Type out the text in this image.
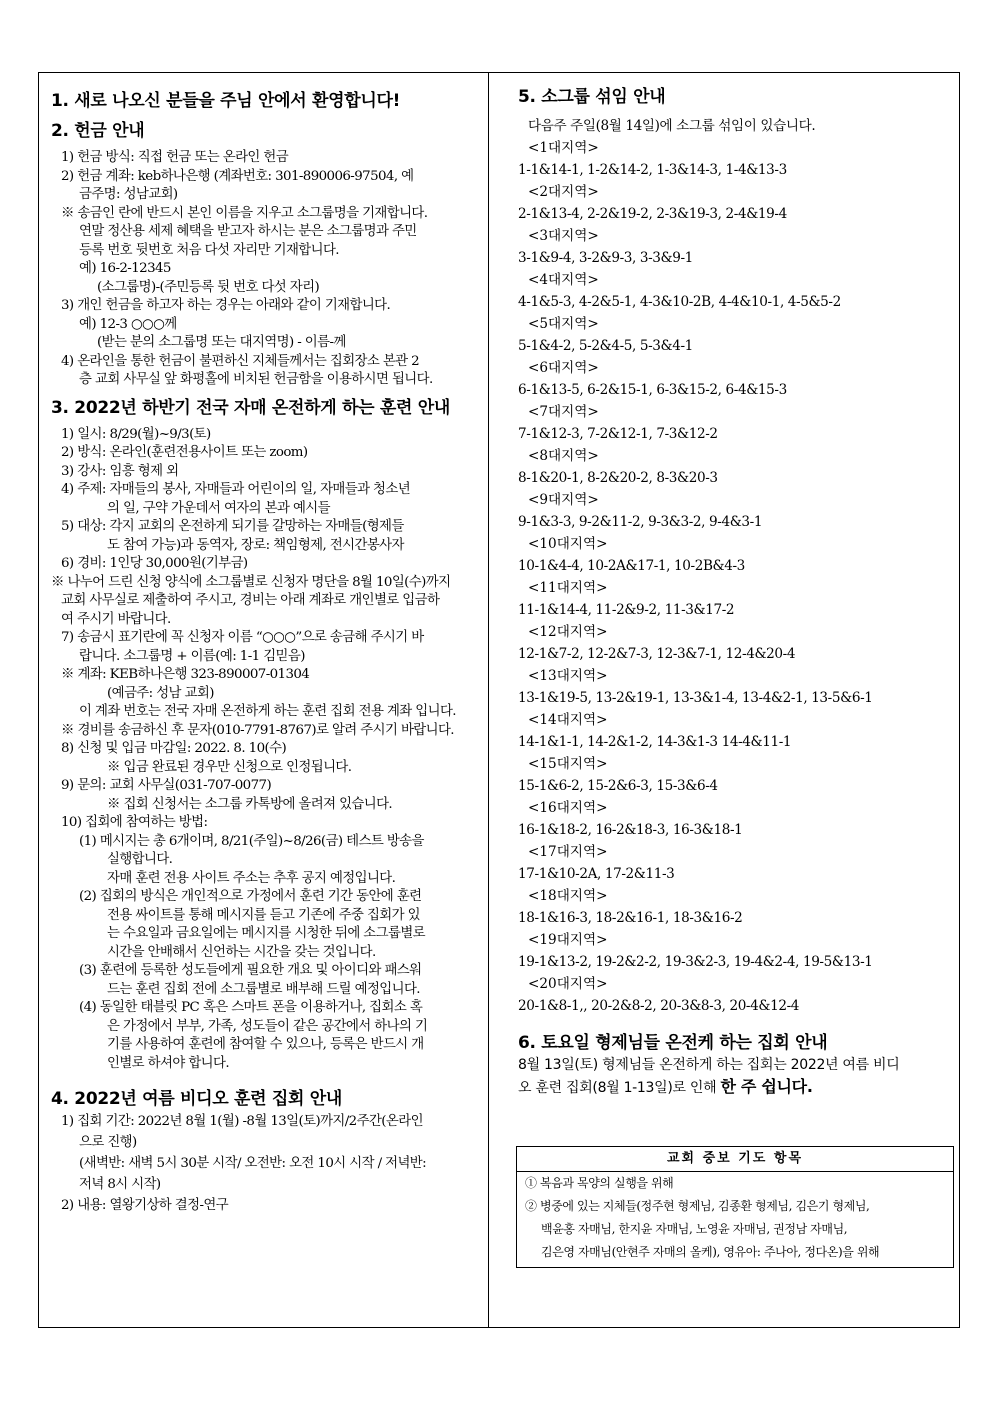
1. 새로 나오신 분들을 주님 안에서 환영합니다!
2. 헌금 안내

1) 헌금 방식: 직접 헌금 또는 온라인 헌금

2) 헌금 계좌: keb하나은행 (계좌번호: 301-890006-97504, 예

금주명: 성남교회)

※ 송금인 란에 반드시 본인 이름을 지우고 소그룹명을 기재합니다.

연말 정산용 세제 혜택을 받고자 하시는 분은 소그룹명과 주민

등록 번호 뒷번호 처음 다섯 자리만 기재합니다.

예) 16-2-12345

(소그룹명)-(주민등록 뒷 번호 다섯 자리)

3) 개인 헌금을 하고자 하는 경우는 아래와 같이 기재합니다.

예) 12-3 ○○○께

(받는 분의 소그룹명 또는 대지역명) - 이름-께

4) 온라인을 통한 헌금이 불편하신 지체들께서는 집회장소 본관 2

층 교회 사무실 앞 화평홀에 비치된 헌금함을 이용하시면 됩니다.

3. 2022년 하반기 전국 자매 온전하게 하는 훈련 안내

1) 일시: 8/29(월)~9/3(토)

2) 방식: 온라인(훈련전용사이트 또는 zoom)

3) 강사: 임흥 형제 외

4) 주제: 자매들의 봉사, 자매들과 어린이의 일, 자매들과 청소년

의 일, 구약 가운데서 여자의 본과 예시들

5) 대상: 각지 교회의 온전하게 되기를 갈망하는 자매들(형제들

도 참여 가능)과 동역자, 장로: 책임형제, 전시간봉사자

6) 경비: 1인당 30,000원(기부금)

※ 나누어 드린 신청 양식에 소그룹별로 신청자 명단을 8월 10일(수)까지

교회 사무실로 제출하여 주시고, 경비는 아래 계좌로 개인별로 입금하

여 주시기 바랍니다.

7) 송금시 표기란에 꼭 신청자 이름 “○○○”으로 송금해 주시기 바

랍니다. 소그룹명 + 이름(예: 1-1 김믿음)

※ 계좌: KEB하나은행 323-890007-01304

(예금주: 성남 교회)

이 계좌 번호는 전국 자매 온전하게 하는 훈련 집회 전용 계좌 입니다.

※ 경비를 송금하신 후 문자(010-7791-8767)로 알려 주시기 바랍니다.

8) 신청 및 입금 마감일: 2022. 8. 10(수)

※ 입금 완료된 경우만 신청으로 인정됩니다.

9) 문의: 교회 사무실(031-707-0077)

※ 집회 신청서는 소그룹 카톡방에 올려져 있습니다.

10) 집회에 참여하는 방법:

(1) 메시지는 총 6개이며, 8/21(주일)~8/26(금) 테스트 방송을

실행합니다.

자매 훈련 전용 사이트 주소는 추후 공지 예정입니다.

(2) 집회의 방식은 개인적으로 가정에서 훈련 기간 동안에 훈련

전용 싸이트를 통해 메시지를 듣고 기존에 주중 집회가 있

는 수요일과 금요일에는 메시지를 시청한 뒤에 소그룹별로

시간을 안배해서 신언하는 시간을 갖는 것입니다.

(3) 훈련에 등록한 성도들에게 필요한 개요 및 아이디와 패스워

드는 훈련 집회 전에 소그룹별로 배부해 드릴 예정입니다.

(4) 동일한 태블릿 PC 혹은 스마트 폰을 이용하거나, 집회소 혹

은 가정에서 부부, 가족, 성도들이 같은 공간에서 하나의 기

기를 사용하여 훈련에 참여할 수 있으나, 등록은 반드시 개

인별로 하셔야 합니다.

4. 2022년 여름 비디오 훈련 집회 안내

1) 집회 기간: 2022년 8월 1(월) -8월 13일(토)까지/2주간(온라인

으로 진행)

(새벽반: 새벽 5시 30분 시작/ 오전반: 오전 10시 시작 / 저녁반:

저녁 8시 시작)

2) 내용: 열왕기상하 결정-연구

5. 소그룹 섞임 안내

다음주 주일(8월 14일)에 소그룹 섞임이 있습니다.

<1대지역>

1-1&14-1, 1-2&14-2, 1-3&14-3, 1-4&13-3

<2대지역>

2-1&13-4, 2-2&19-2, 2-3&19-3, 2-4&19-4

<3대지역>

3-1&9-4, 3-2&9-3, 3-3&9-1

<4대지역>

4-1&5-3, 4-2&5-1, 4-3&10-2B, 4-4&10-1, 4-5&5-2

<5대지역>

5-1&4-2, 5-2&4-5, 5-3&4-1

<6대지역>

6-1&13-5, 6-2&15-1, 6-3&15-2, 6-4&15-3

<7대지역>

7-1&12-3, 7-2&12-1, 7-3&12-2

<8대지역>

8-1&20-1, 8-2&20-2, 8-3&20-3

<9대지역>

9-1&3-3, 9-2&11-2, 9-3&3-2, 9-4&3-1

<10대지역>

10-1&4-4, 10-2A&17-1, 10-2B&4-3

<11대지역>

11-1&14-4, 11-2&9-2, 11-3&17-2

<12대지역>

12-1&7-2, 12-2&7-3, 12-3&7-1, 12-4&20-4

<13대지역>

13-1&19-5, 13-2&19-1, 13-3&1-4, 13-4&2-1, 13-5&6-1

<14대지역>

14-1&1-1, 14-2&1-2, 14-3&1-3 14-4&11-1

<15대지역>

15-1&6-2, 15-2&6-3, 15-3&6-4

<16대지역>

16-1&18-2, 16-2&18-3, 16-3&18-1

<17대지역>

17-1&10-2A, 17-2&11-3

<18대지역>

18-1&16-3, 18-2&16-1, 18-3&16-2

<19대지역>

19-1&13-2, 19-2&2-2, 19-3&2-3, 19-4&2-4, 19-5&13-1

<20대지역>

20-1&8-1,, 20-2&8-2, 20-3&8-3, 20-4&12-4

6. 토요일 형제님들 온전케 하는 집회 안내

8월 13일(토) 형제님들 온전하게 하는 집회는 2022년 여름 비디

오 훈련 집회(8월 1-13일)로 인해 한 주 쉽니다.

교회 중보 기도 항목

① 복음과 목양의 실행을 위해

② 병중에 있는 지체들(정주현 형제님, 김종환 형제님, 김은기 형제님,

백윤홍 자매님, 한지윤 자매님, 노영윤 자매님, 권정남 자매님,

김은영 자매님(안현주 자매의 올케), 영유아: 주나아, 정다온)을 위해
